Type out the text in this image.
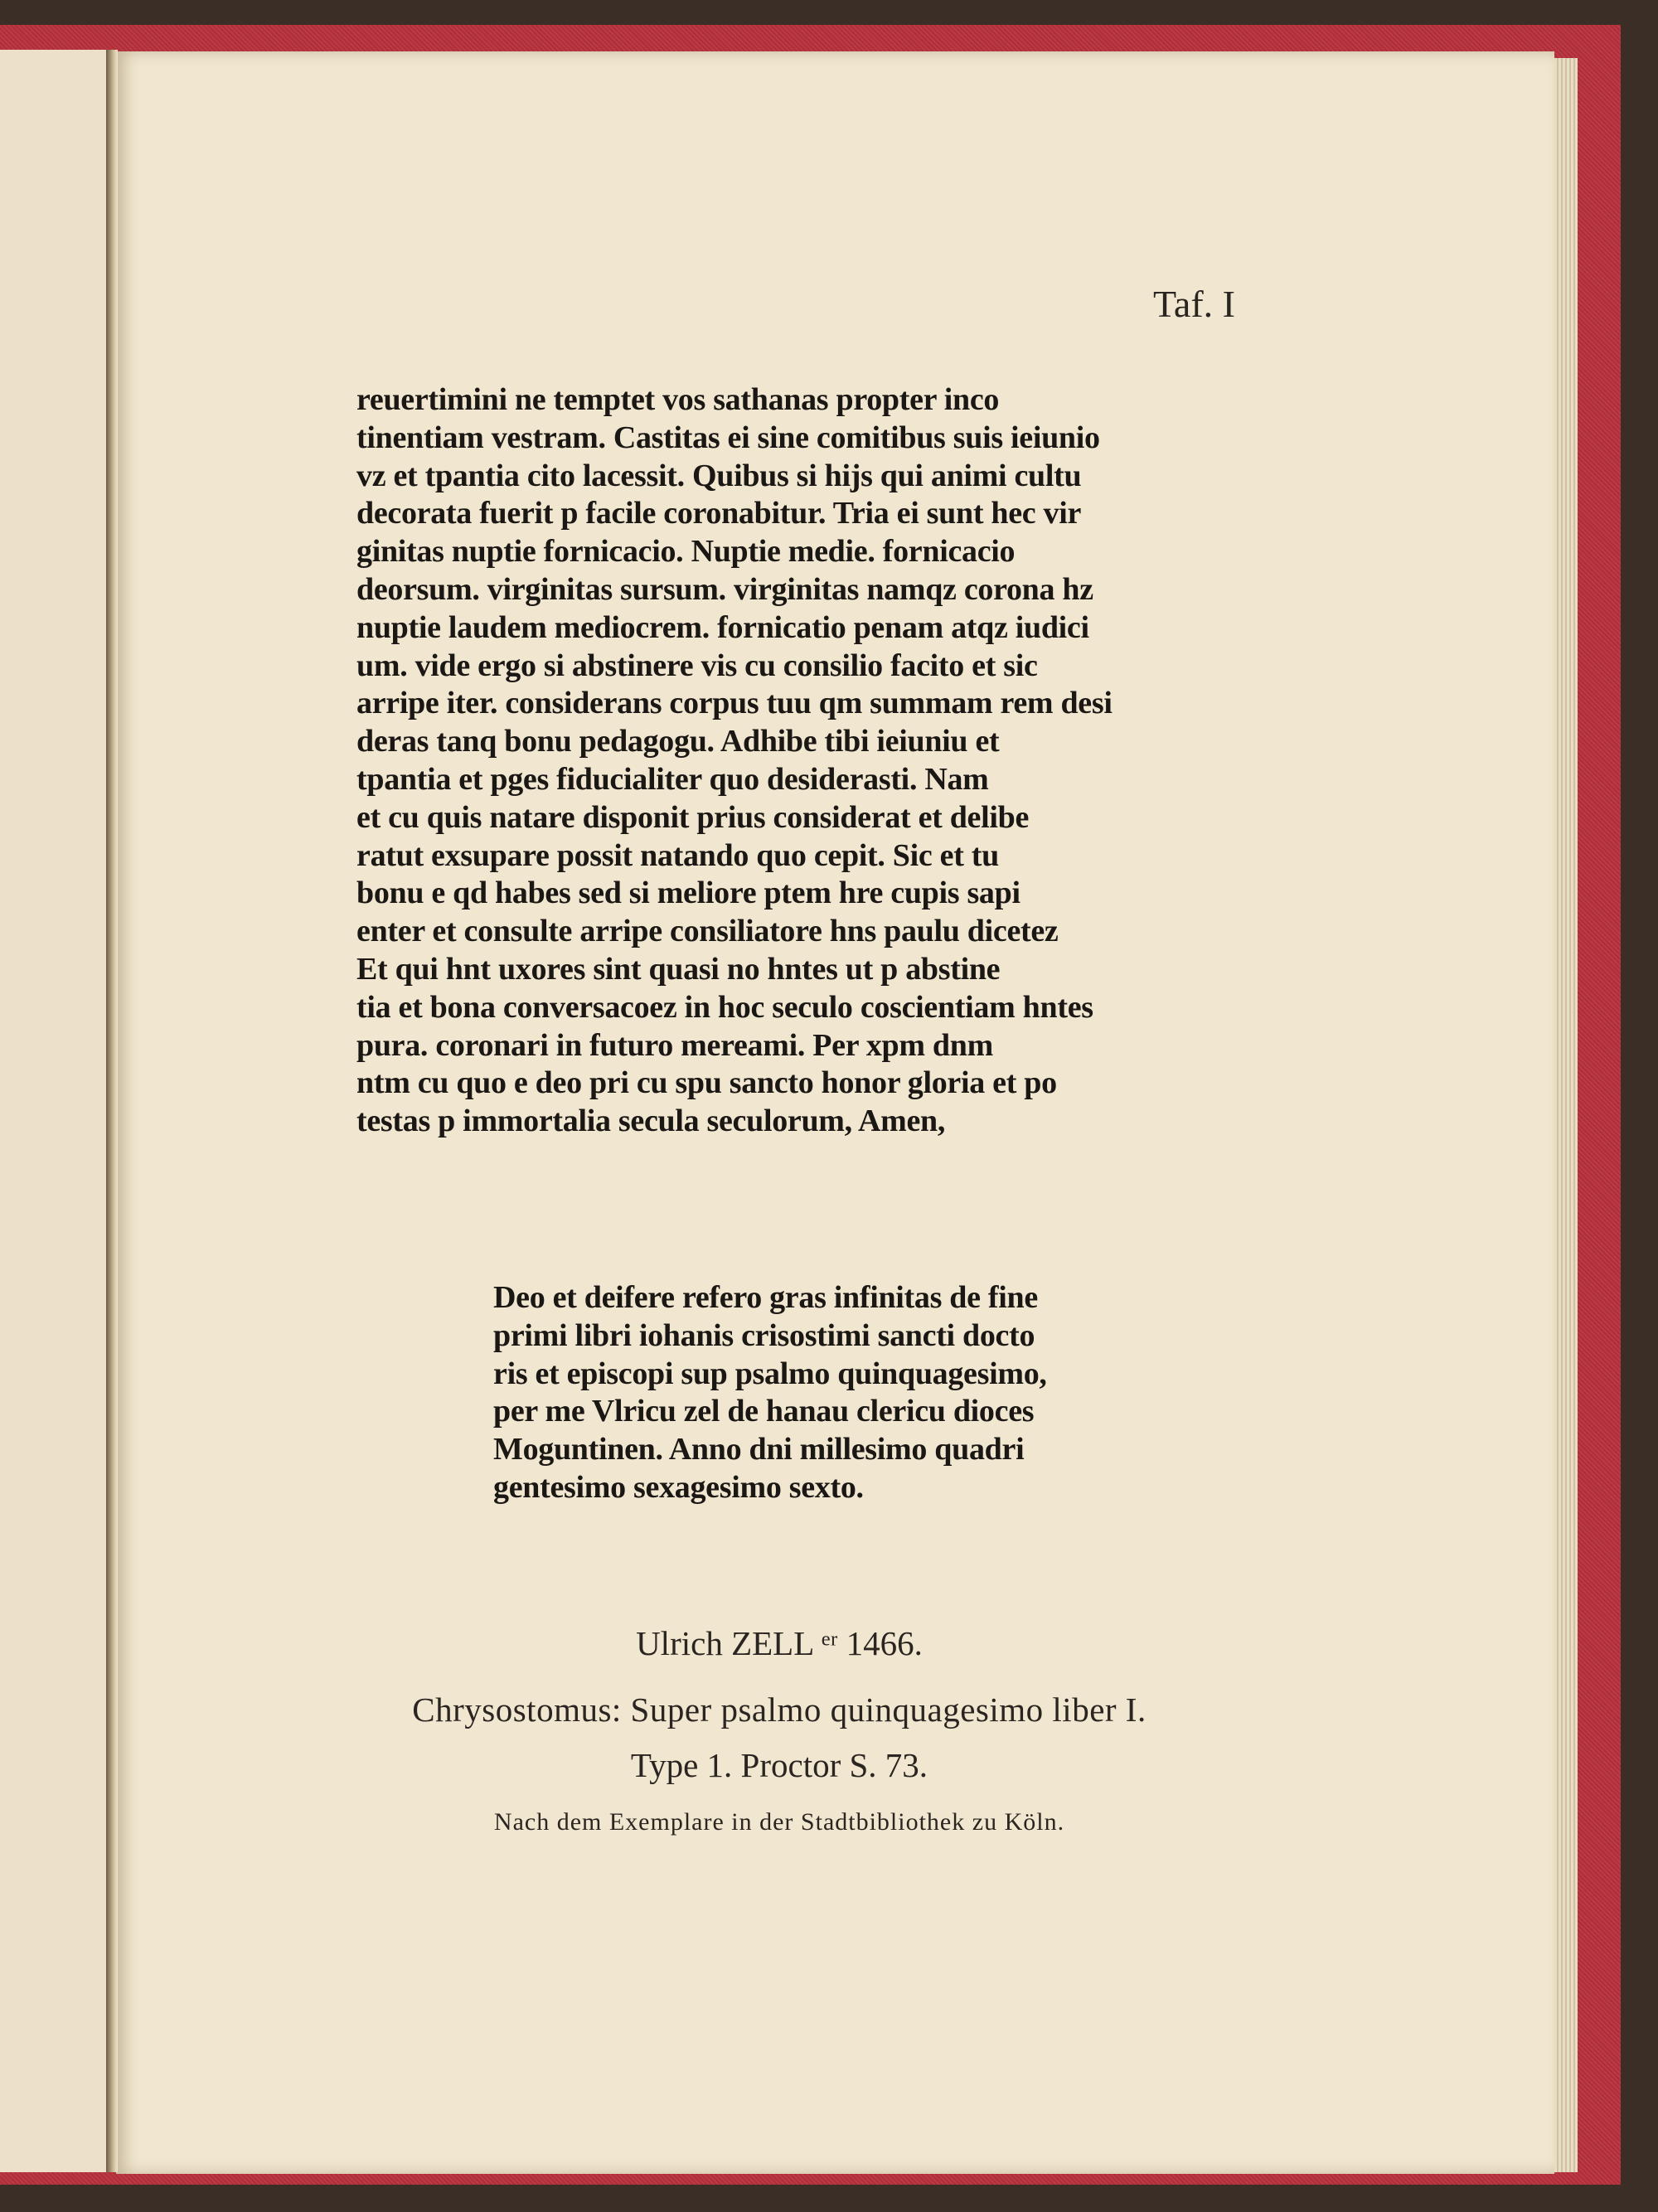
Taf. I
reuertimini ne temptet vos sathanas propter inco
tinentiam vestram. Castitas ei sine comitibus suis ieiunio
vz et tpantia cito lacessit. Quibus si hijs qui animi cultu
decorata fuerit p facile coronabitur. Tria ei sunt hec vir
ginitas nuptie fornicacio. Nuptie medie. fornicacio
deorsum. virginitas sursum. virginitas namqz corona hz
nuptie laudem mediocrem. fornicatio penam atqz iudici
um. vide ergo si abstinere vis cu consilio facito et sic
arripe iter. considerans corpus tuu qm summam rem desi
deras tanq bonu pedagogu. Adhibe tibi ieiuniu et
tpantia et pges fiducialiter quo desiderasti. Nam
et cu quis natare disponit prius considerat et delibe
ratut exsupare possit natando quo cepit. Sic et tu
bonu e qd habes sed si meliore ptem hre cupis sapi
enter et consulte arripe consiliatore hns paulu dicetez
Et qui hnt uxores sint quasi no hntes ut p abstine
tia et bona conversacoez in hoc seculo coscientiam hntes
pura. coronari in futuro mereami. Per xpm dnm
ntm cu quo e deo pri cu spu sancto honor gloria et po
testas p immortalia secula seculorum, Amen,
Deo et deifere refero gras infinitas de fine
primi libri iohanis crisostimi sancti docto
ris et episcopi sup psalmo quinquagesimo,
per me Vlricu zel de hanau clericu dioces
Moguntinen. Anno dni millesimo quadri
gentesimo sexagesimo sexto.
Ulrich ZELL ᵉʳ 1466.
Chrysostomus: Super psalmo quinquagesimo liber I.
Type 1. Proctor S. 73.
Nach dem Exemplare in der Stadtbibliothek zu Köln.
